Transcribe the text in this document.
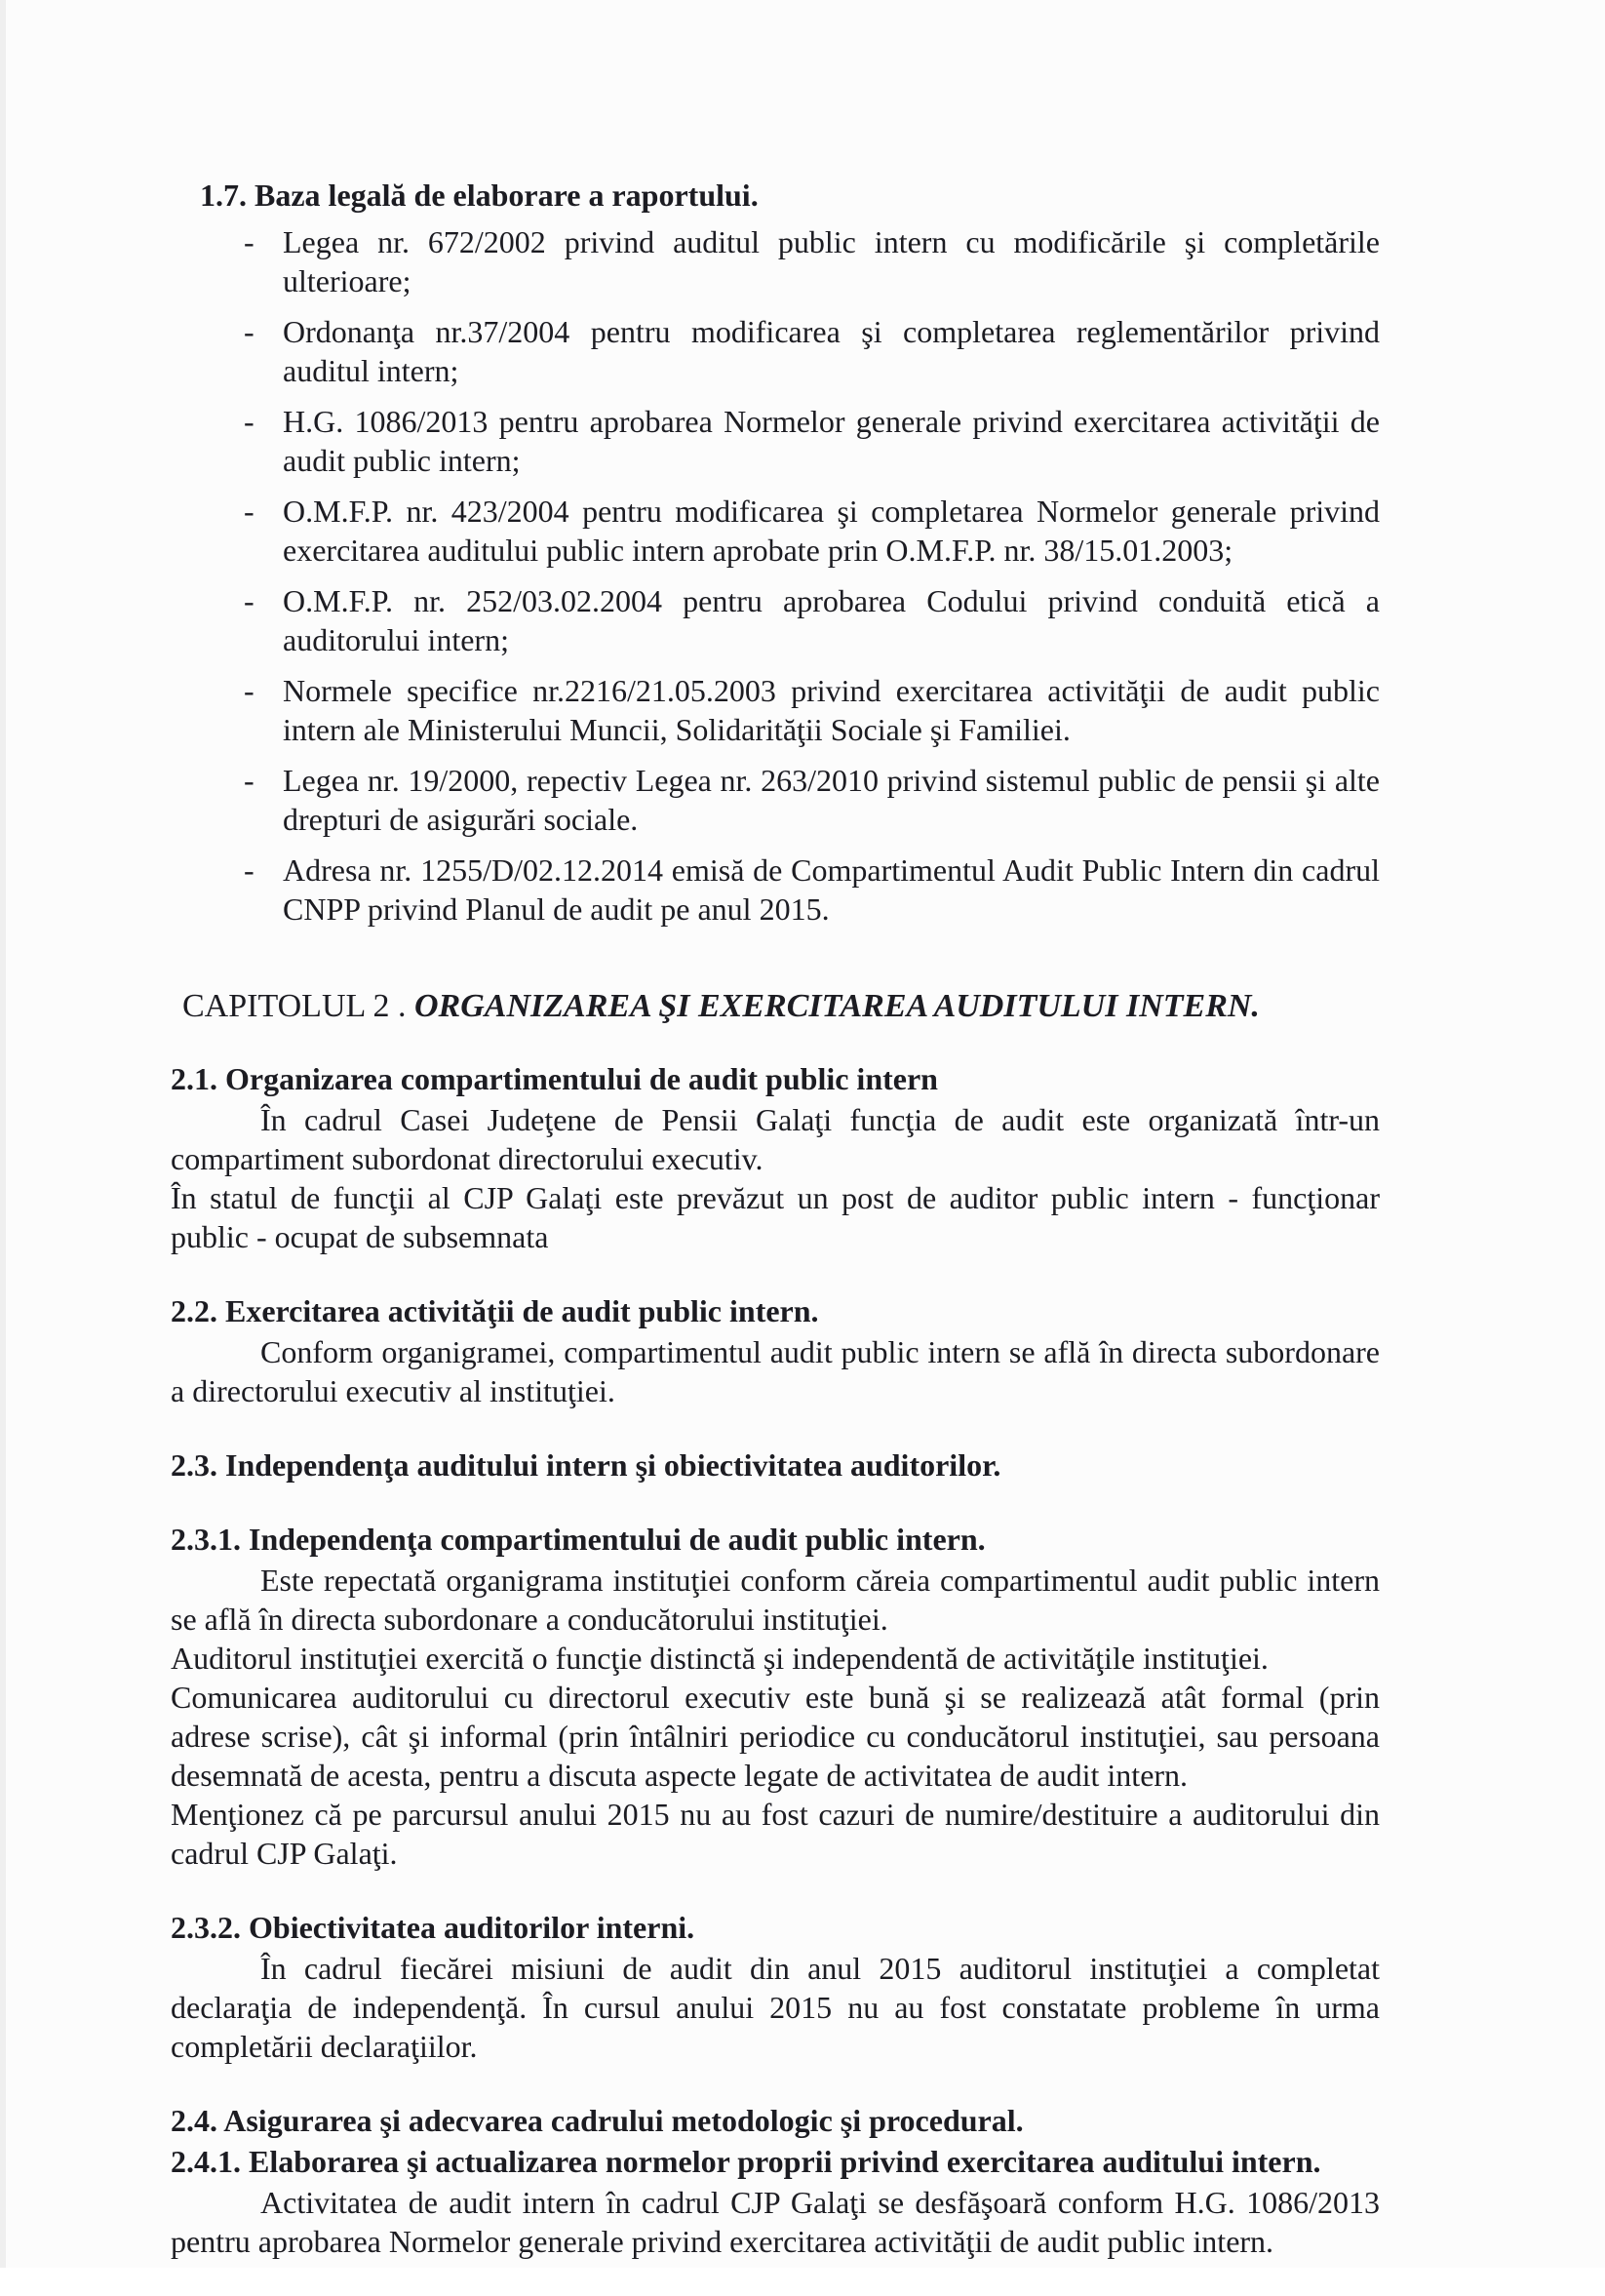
1.7. Baza legală de elaborare a raportului.
- Legea nr. 672/2002 privind auditul public intern cu modificările şi completările ulterioare;
- Ordonanţa nr.37/2004 pentru modificarea şi completarea reglementărilor privind auditul intern;
- H.G. 1086/2013 pentru aprobarea Normelor generale privind exercitarea activităţii de audit public intern;
- O.M.F.P. nr. 423/2004 pentru modificarea şi completarea Normelor generale privind exercitarea auditului public intern aprobate prin O.M.F.P. nr. 38/15.01.2003;
- O.M.F.P. nr. 252/03.02.2004 pentru aprobarea Codului privind conduită etică a auditorului intern;
- Normele specifice nr.2216/21.05.2003 privind exercitarea activităţii de audit public intern ale Ministerului Muncii, Solidarităţii Sociale şi Familiei.
- Legea nr. 19/2000, repectiv Legea nr. 263/2010 privind sistemul public de pensii şi alte drepturi de asigurări sociale.
- Adresa nr. 1255/D/02.12.2014 emisă de Compartimentul Audit Public Intern din cadrul CNPP privind Planul de audit pe anul 2015.
CAPITOLUL 2 . ORGANIZAREA ŞI EXERCITAREA AUDITULUI INTERN.
2.1. Organizarea compartimentului de audit public intern
În cadrul Casei Judeţene de Pensii Galaţi funcţia de audit este organizată într-un compartiment subordonat directorului executiv.
În statul de funcţii al CJP Galaţi este prevăzut un post de auditor public intern - funcţionar public - ocupat de subsemnata
2.2. Exercitarea activităţii de audit public intern.
Conform organigramei, compartimentul audit public intern se află în directa subordonare a directorului executiv al instituţiei.
2.3. Independenţa auditului intern şi obiectivitatea auditorilor.
2.3.1. Independenţa compartimentului de audit public intern.
Este repectată organigrama instituţiei conform căreia compartimentul audit public intern se află în directa subordonare a conducătorului instituţiei.
Auditorul instituţiei exercită o funcţie distinctă şi independentă de activităţile instituţiei.
Comunicarea auditorului cu directorul executiv este bună şi se realizează atât formal (prin adrese scrise), cât şi informal (prin întâlniri periodice cu conducătorul instituţiei, sau persoana desemnată de acesta, pentru a discuta aspecte legate de activitatea de audit intern.
Menţionez că pe parcursul anului 2015 nu au fost cazuri de numire/destituire a auditorului din cadrul CJP Galaţi.
2.3.2. Obiectivitatea auditorilor interni.
În cadrul fiecărei misiuni de audit din anul 2015 auditorul instituţiei a completat declaraţia de independenţă. În cursul anului 2015 nu au fost constatate probleme în urma completării declaraţiilor.
2.4. Asigurarea şi adecvarea cadrului metodologic şi procedural.
2.4.1. Elaborarea şi actualizarea normelor proprii privind exercitarea auditului intern.
Activitatea de audit intern în cadrul CJP Galaţi se desfăşoară conform H.G. 1086/2013 pentru aprobarea Normelor generale privind exercitarea activităţii de audit public intern.
